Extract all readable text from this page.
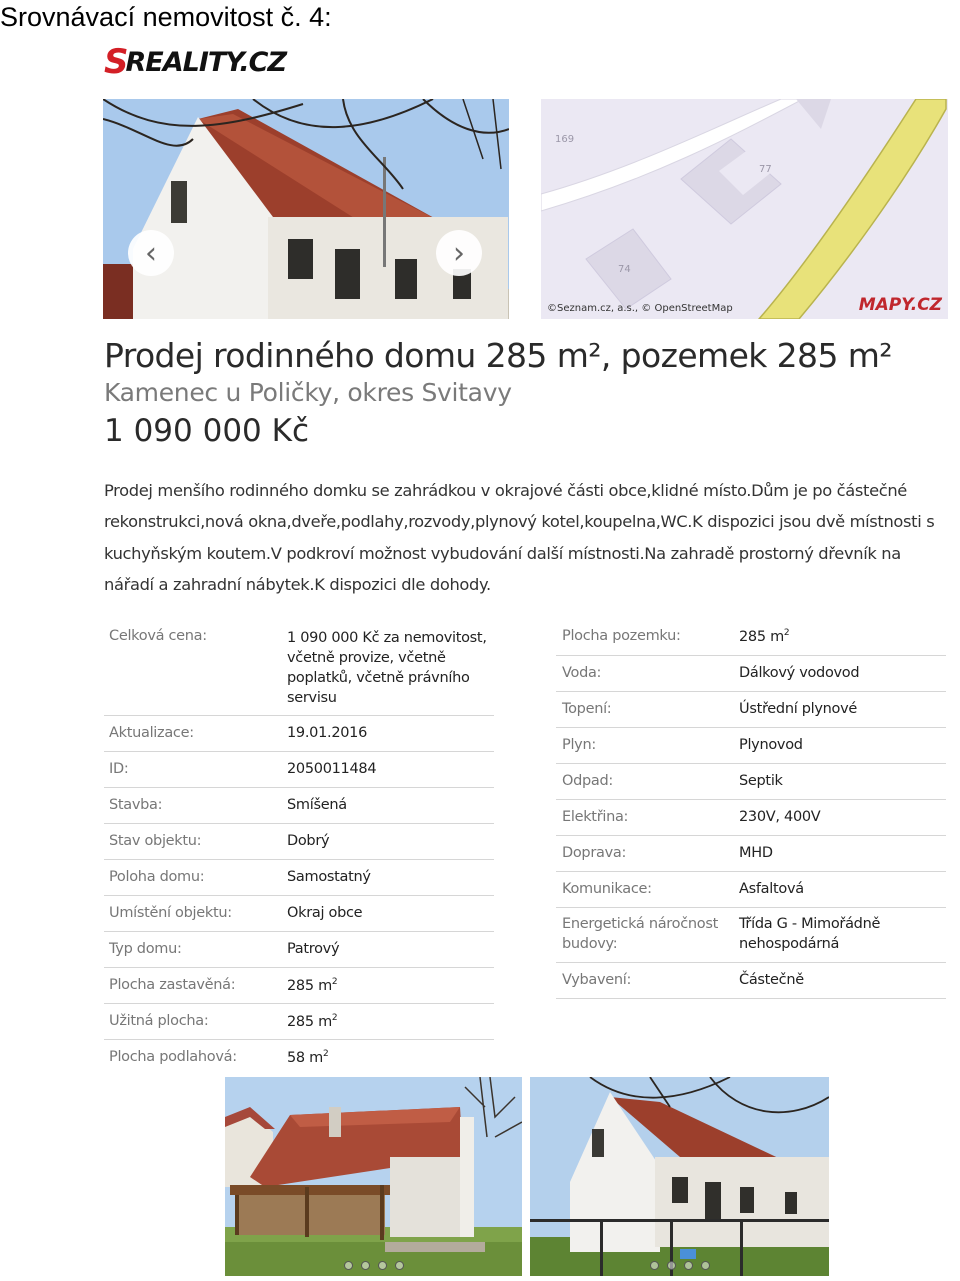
Srovnávací nemovitost č. 4:
S
REALITY.CZ
‹	›
169
77
74
©Seznam.cz, a.s., © OpenStreetMap	MAPY.CZ
Prodej rodinného domu 285 m², pozemek 285 m²
Kamenec u Poličky, okres Svitavy
1 090 000 Kč
Prodej menšího rodinného domku se zahrádkou v okrajové části obce,klidné místo.Dům je po částečné rekonstrukci,nová okna,dveře,podlahy,rozvody,plynový kotel,koupelna,WC.K dispozici jsou dvě místnosti s kuchyňským koutem.V podkroví možnost vybudování další místnosti.Na zahradě prostorný dřevník na nářadí a zahradní nábytek.K dispozici dle dohody.
Celková cena:	1 090 000 Kč za nemovitost, včetně provize, včetně poplatků, včetně právního servisu
Aktualizace:	19.01.2016
ID:	2050011484
Stavba:	Smíšená
Stav objektu:	Dobrý
Poloha domu:	Samostatný
Umístění objektu:	Okraj obce
Typ domu:	Patrový
Plocha zastavěná:	285 $m^2$
Užitná plocha:	285 $m^2$
Plocha podlahová:	58 $m^2$
Plocha pozemku:	285 $m^2$
Voda:	Dálkový vodovod
Topení:	Ústřední plynové
Plyn:	Plynovod
Odpad:	Septik
Elektřina:	230V, 400V
Doprava:	MHD
Komunikace:	Asfaltová
Energetická náročnost budovy:
Třída G - Mimořádně nehospodárná
Vybavení:	Částečně
